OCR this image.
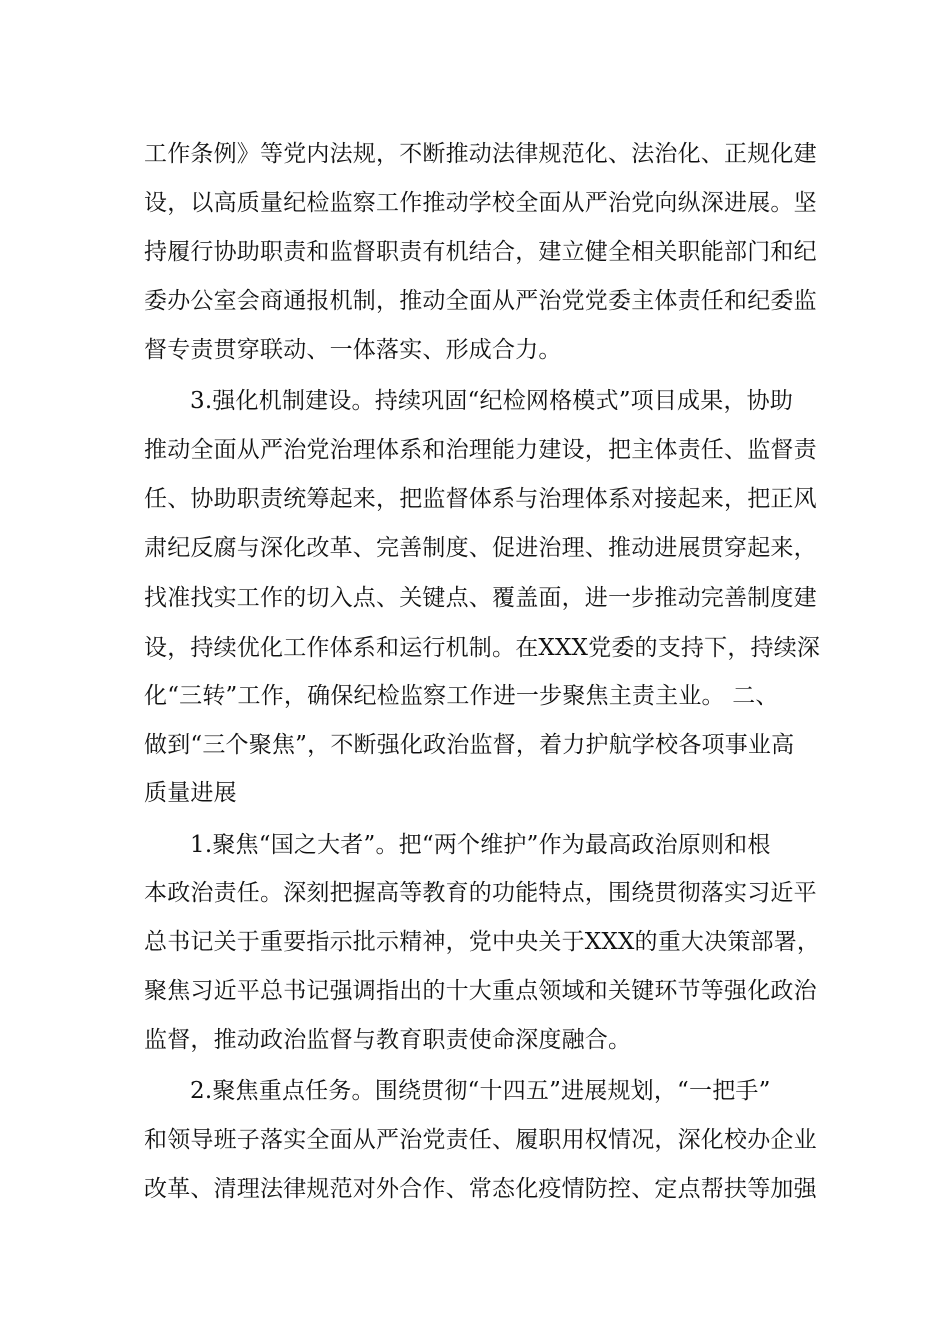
工作条例》等党内法规，不断推动法律规范化、法治化、正规化建
设，以高质量纪检监察工作推动学校全面从严治党向纵深进展。坚
持履行协助职责和监督职责有机结合，建立健全相关职能部门和纪
委办公室会商通报机制，推动全面从严治党党委主体责任和纪委监
督专责贯穿联动、一体落实、形成合力。
3.强化机制建设。持续巩固“纪检网格模式”项目成果，协助
推动全面从严治党治理体系和治理能力建设，把主体责任、监督责
任、协助职责统筹起来，把监督体系与治理体系对接起来，把正风
肃纪反腐与深化改革、完善制度、促进治理、推动进展贯穿起来，
找准找实工作的切入点、关键点、覆盖面，进一步推动完善制度建
设，持续优化工作体系和运行机制。在XXX党委的支持下，持续深
化“三转”工作，确保纪检监察工作进一步聚焦主责主业。 二、
做到“三个聚焦”，不断强化政治监督，着力护航学校各项事业高
质量进展
1.聚焦“国之大者”。把“两个维护”作为最高政治原则和根
本政治责任。深刻把握高等教育的功能特点，围绕贯彻落实习近平
总书记关于重要指示批示精神，党中央关于XXX的重大决策部署，
聚焦习近平总书记强调指出的十大重点领域和关键环节等强化政治
监督，推动政治监督与教育职责使命深度融合。
2.聚焦重点任务。围绕贯彻“十四五”进展规划，“一把手”
和领导班子落实全面从严治党责任、履职用权情况，深化校办企业
改革、清理法律规范对外合作、常态化疫情防控、定点帮扶等加强
